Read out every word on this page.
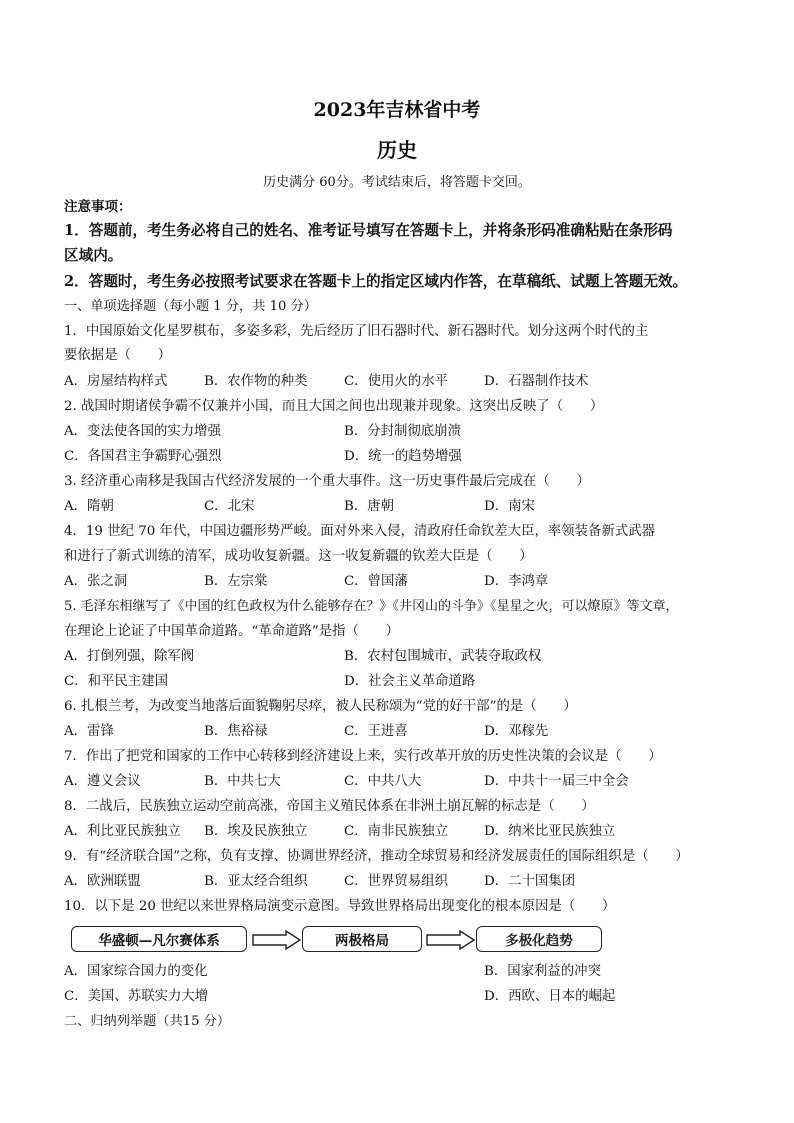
2023年吉林省中考
历史
历史满分 60分。考试结束后，将答题卡交回。
注意事项：
1．答题前，考生务必将自己的姓名、准考证号填写在答题卡上，并将条形码准确粘贴在条形码
区域内。
2．答题时，考生务必按照考试要求在答题卡上的指定区域内作答，在草稿纸、试题上答题无效。
一、单项选择题（每小题 1 分，共 10 分）
1．中国原始文化星罗棋布，多姿多彩，先后经历了旧石器时代、新石器时代。划分这两个时代的主
要依据是（　　）
A．房屋结构样式	B．农作物的种类	C．使用火的水平	D．石器制作技术
2. 战国时期诸侯争霸不仅兼并小国，而且大国之间也出现兼并现象。这突出反映了（　　）
A．变法使各国的实力增强	B．分封制彻底崩溃
C．各国君主争霸野心强烈	D．统一的趋势增强
3. 经济重心南移是我国古代经济发展的一个重大事件。这一历史事件最后完成在（　　）
A．隋朝	C．北宋	B．唐朝	D．南宋
4．19 世纪 70 年代，中国边疆形势严峻。面对外来入侵，清政府任命钦差大臣，率领装备新式武器
和进行了新式训练的清军，成功收复新疆。这一收复新疆的钦差大臣是（　　）
A．张之洞	B．左宗棠	C．曾国藩	D．李鸿章
5. 毛泽东相继写了《中国的红色政权为什么能够存在？》《井冈山的斗争》《星星之火，可以燎原》等文章，
在理论上论证了中国革命道路。“革命道路”是指（　　）
A．打倒列强，除军阀	B．农村包围城市，武装夺取政权
C．和平民主建国	D．社会主义革命道路
6. 扎根兰考，为改变当地落后面貌鞠躬尽瘁，被人民称颂为“党的好干部”的是（　　）
A．雷锋	B．焦裕禄	C．王进喜	D．邓稼先
7．作出了把党和国家的工作中心转移到经济建设上来，实行改革开放的历史性决策的会议是（　　）
A．遵义会议	B．中共七大	C．中共八大	D．中共十一届三中全会
8．二战后，民族独立运动空前高涨，帝国主义殖民体系在非洲土崩瓦解的标志是（　　）
A．利比亚民族独立 B．埃及民族独立	C．南非民族独立	D．纳米比亚民族独立
9．有“经济联合国”之称，负有支撑、协调世界经济，推动全球贸易和经济发展责任的国际组织是（　　）
A．欧洲联盟	B．亚太经合组织	C．世界贸易组织	D．二十国集团
10．以下是 20 世纪以来世界格局演变示意图。导致世界格局出现变化的根本原因是（　　）
华盛顿—凡尔赛体系	两极格局	多极化趋势
A．国家综合国力的变化	B．国家利益的冲突
C．美国、苏联实力大增	D．西欧、日本的崛起
二、归纳列举题（共15 分）
